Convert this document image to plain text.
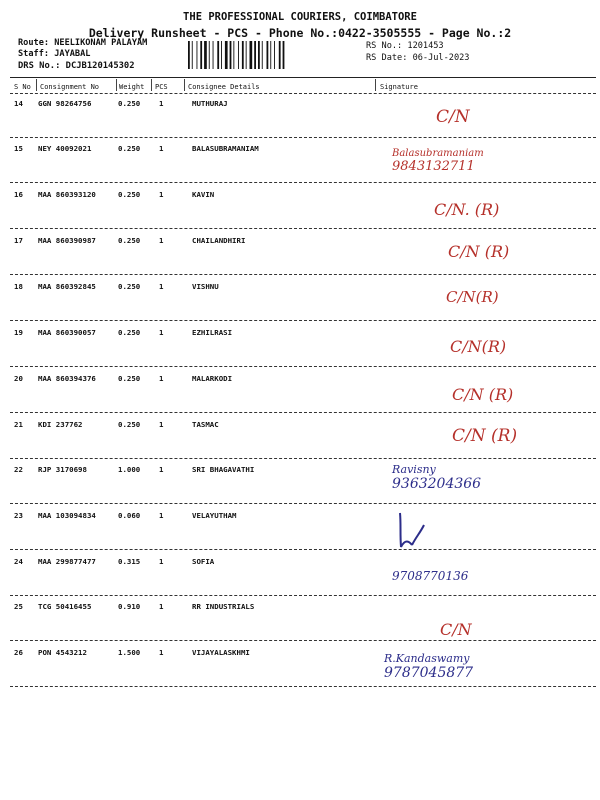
THE PROFESSIONAL COURIERS, COIMBATORE
Delivery Runsheet - PCS - Phone No.:0422-3505555 - Page No.:2
Route: NEELIKONAM PALAYAM
Staff: JAYABAL
DRS No.: DCJB120145302
RS No.: 1201453
RS Date: 06-Jul-2023
S No Consignment No	Weight PCS	Consignee Details	Signature
14 GGN 98264756	0.250	1	MUTHURAJ
C/N
15 NEY 40092021	0.250	1	BALASUBRAMANIAM	Balasubramaniam
9843132711
16 MAA 860393120	0.250	1	KAVIN
C/N. (R)
17 MAA 860390987	0.250	1	CHAILANDHIRI
C/N (R)
18 MAA 860392845	0.250	1	VISHNU
C/N(R)
19 MAA 860390057	0.250	1	EZHILRASI
C/N(R)
20 MAA 860394376	0.250	1	MALARKODI
C/N (R)
21 KDI 237762	0.250	1	TASMAC
C/N (R)
22 RJP 3170698	1.000	1	SRI BHAGAVATHI	Ravisny
9363204366
23 MAA 103094834	0.060	1	VELAYUTHAM
24 MAA 299877477	0.315	1	SOFIA
9708770136
25 TCG 50416455	0.910	1	RR INDUSTRIALS
C/N
26 PON 4543212	1.500	1	VIJAYALASKHMI	R.Kandaswamy
9787045877
